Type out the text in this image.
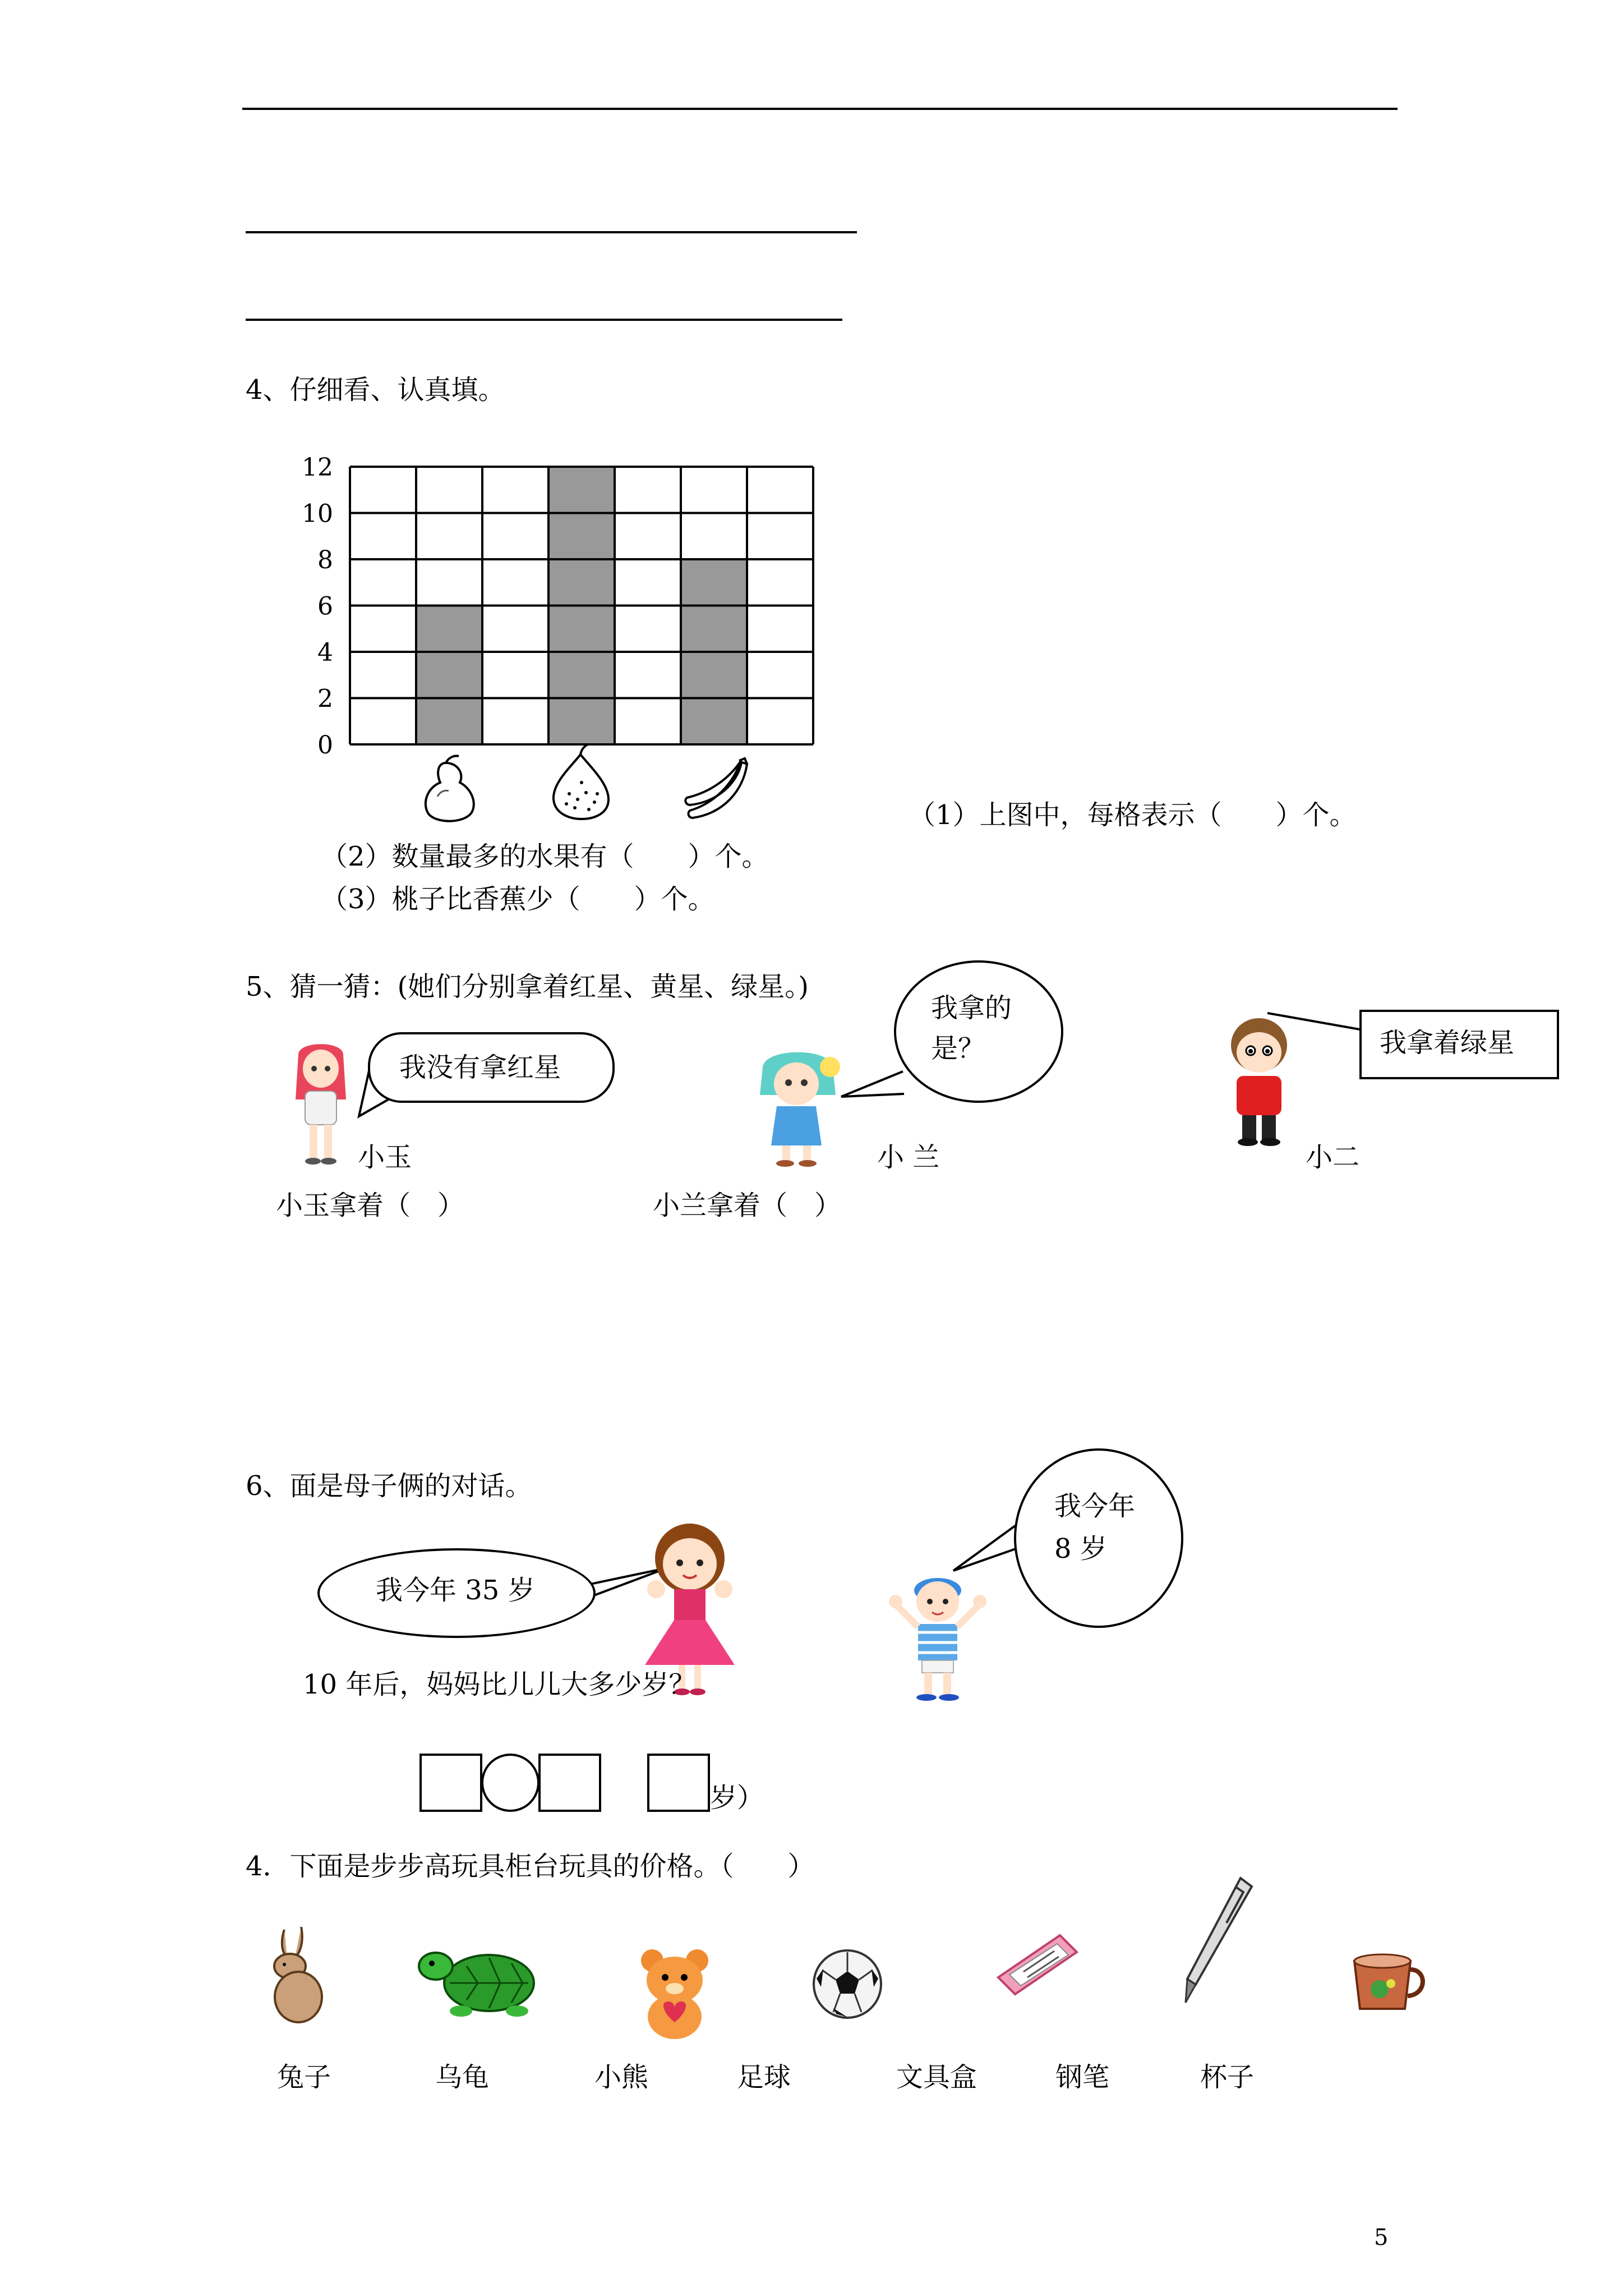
4、仔细看、认真填。
0
2
4
6
8
10
12
（1）上图中，每格表示（　　）个。
（2）数量最多的水果有（　　）个。
（3）桃子比香蕉少（　　）个。
5、猜一猜：(她们分别拿着红星、黄星、绿星。)
我没有拿红星
小玉
我拿的
是？
小 兰
我拿着绿星
小二
小玉拿着（　）	小兰拿着（　）
6、面是母子俩的对话。
我今年 35 岁
我今年
8 岁
10 年后，妈妈比儿儿大多少岁？
岁）
4．下面是步步高玩具柜台玩具的价格。（　　）
兔子	乌龟	小熊	足球	文具盒	钢笔	杯子
5
